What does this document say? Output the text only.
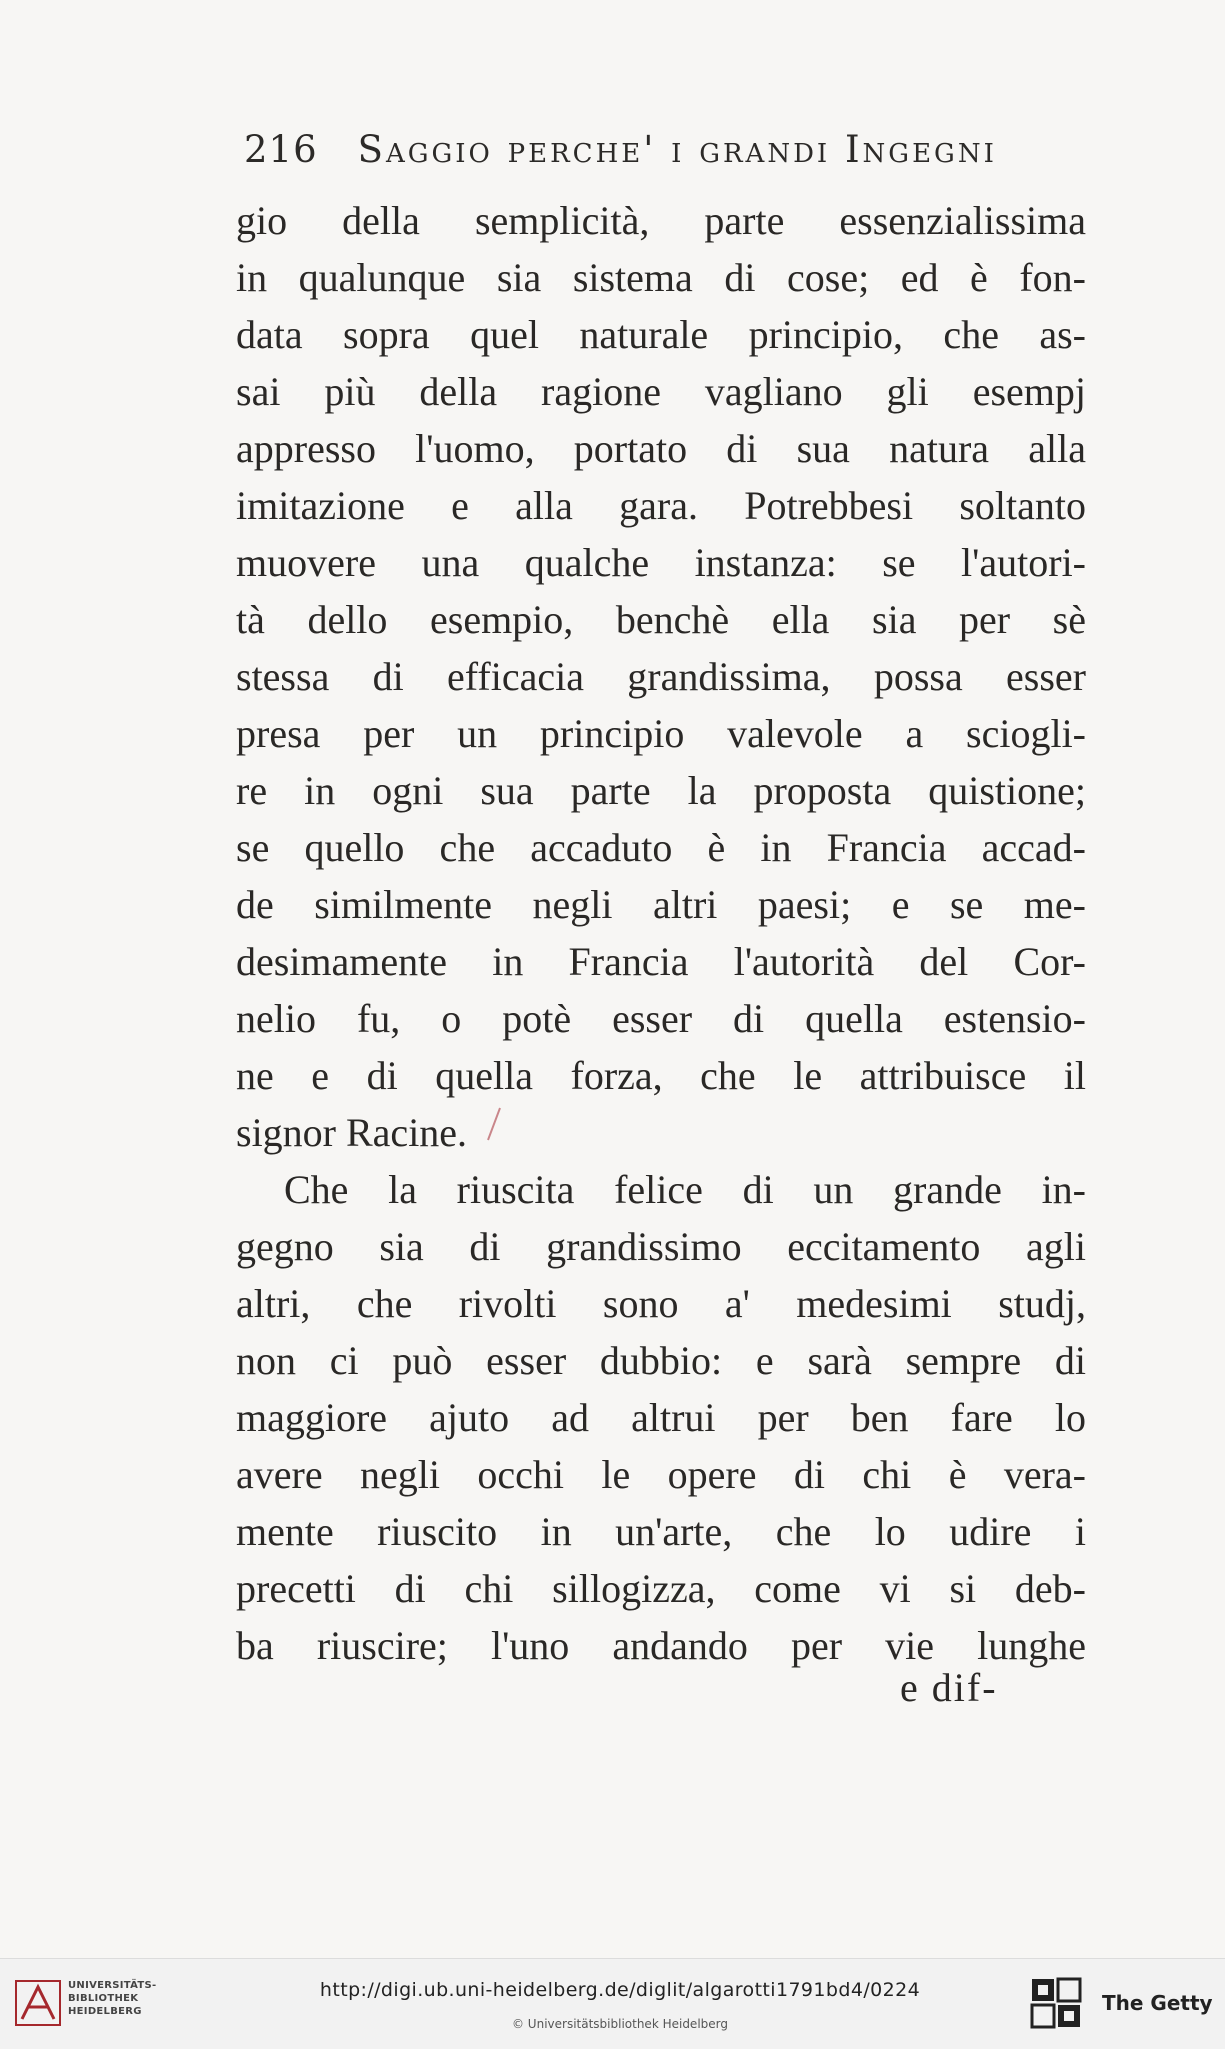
216 Saggio perche' i grandi Ingegni
gio della semplicità, parte essenzialissima
in qualunque sia sistema di cose; ed è fon-
data sopra quel naturale principio, che as-
sai più della ragione vagliano gli esempj
appresso l'uomo, portato di sua natura alla
imitazione e alla gara. Potrebbesi soltanto
muovere una qualche instanza: se l'autori-
tà dello esempio, benchè ella sia per sè
stessa di efficacia grandissima, possa esser
presa per un principio valevole a sciogli-
re in ogni sua parte la proposta quistione;
se quello che accaduto è in Francia accad-
de similmente negli altri paesi; e se me-
desimamente in Francia l'autorità del Cor-
nelio fu, o potè esser di quella estensio-
ne e di quella forza, che le attribuisce il
signor Racine.
Che la riuscita felice di un grande in-
gegno sia di grandissimo eccitamento agli
altri, che rivolti sono a' medesimi studj,
non ci può esser dubbio: e sarà sempre di
maggiore ajuto ad altrui per ben fare lo
avere negli occhi le opere di chi è vera-
mente riuscito in un'arte, che lo udire i
precetti di chi sillogizza, come vi si deb-
ba riuscire; l'uno andando per vie lunghe
e dif-
UNIVERSITÄTS-
BIBLIOTHEK
HEIDELBERG
http://digi.ub.uni-heidelberg.de/diglit/algarotti1791bd4/0224
© Universitätsbibliothek Heidelberg
The Getty
